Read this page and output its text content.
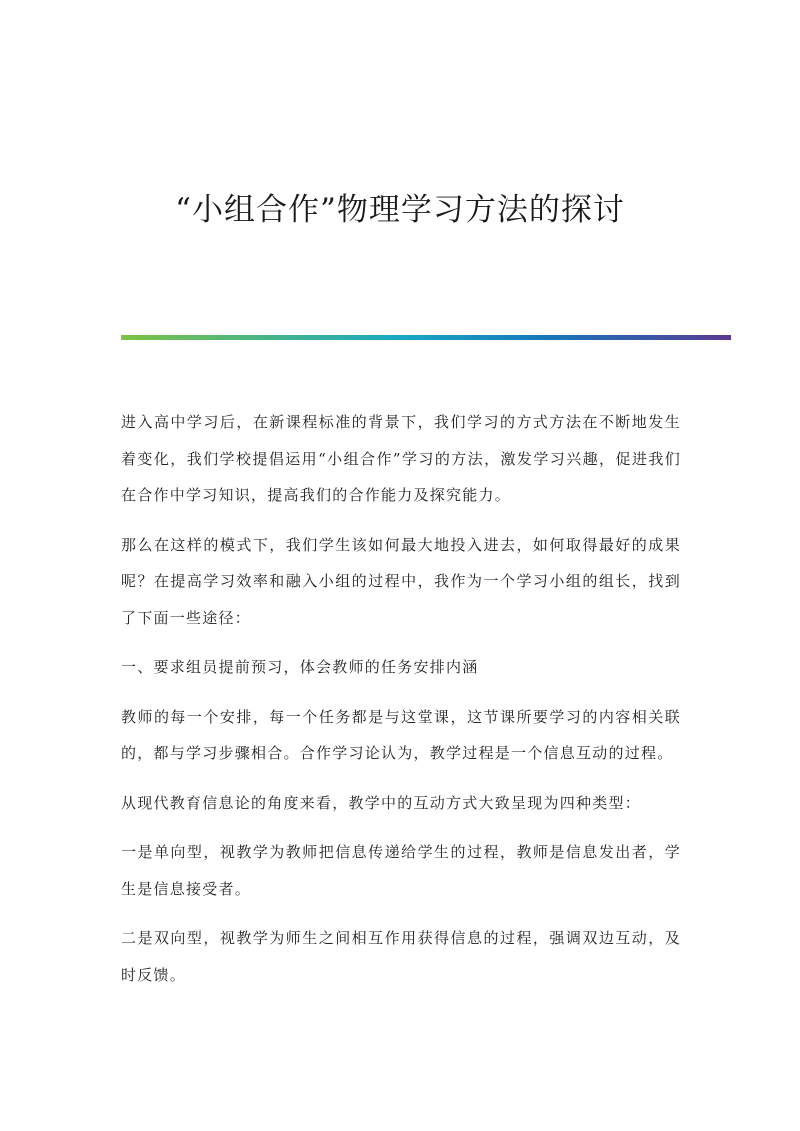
“小组合作”物理学习方法的探讨

进入高中学习后，在新课程标准的背景下，我们学习的方式方法在不断地发生着变化，我们学校提倡运用“小组合作”学习的方法，激发学习兴趣，促进我们在合作中学习知识，提高我们的合作能力及探究能力。

那么在这样的模式下，我们学生该如何最大地投入进去，如何取得最好的成果呢？在提高学习效率和融入小组的过程中，我作为一个学习小组的组长，找到了下面一些途径：

一、要求组员提前预习，体会教师的任务安排内涵

教师的每一个安排，每一个任务都是与这堂课，这节课所要学习的内容相关联的，都与学习步骤相合。合作学习论认为，教学过程是一个信息互动的过程。

从现代教育信息论的角度来看，教学中的互动方式大致呈现为四种类型：

一是单向型，视教学为教师把信息传递给学生的过程，教师是信息发出者，学生是信息接受者。

二是双向型，视教学为师生之间相互作用获得信息的过程，强调双边互动，及时反馈。
